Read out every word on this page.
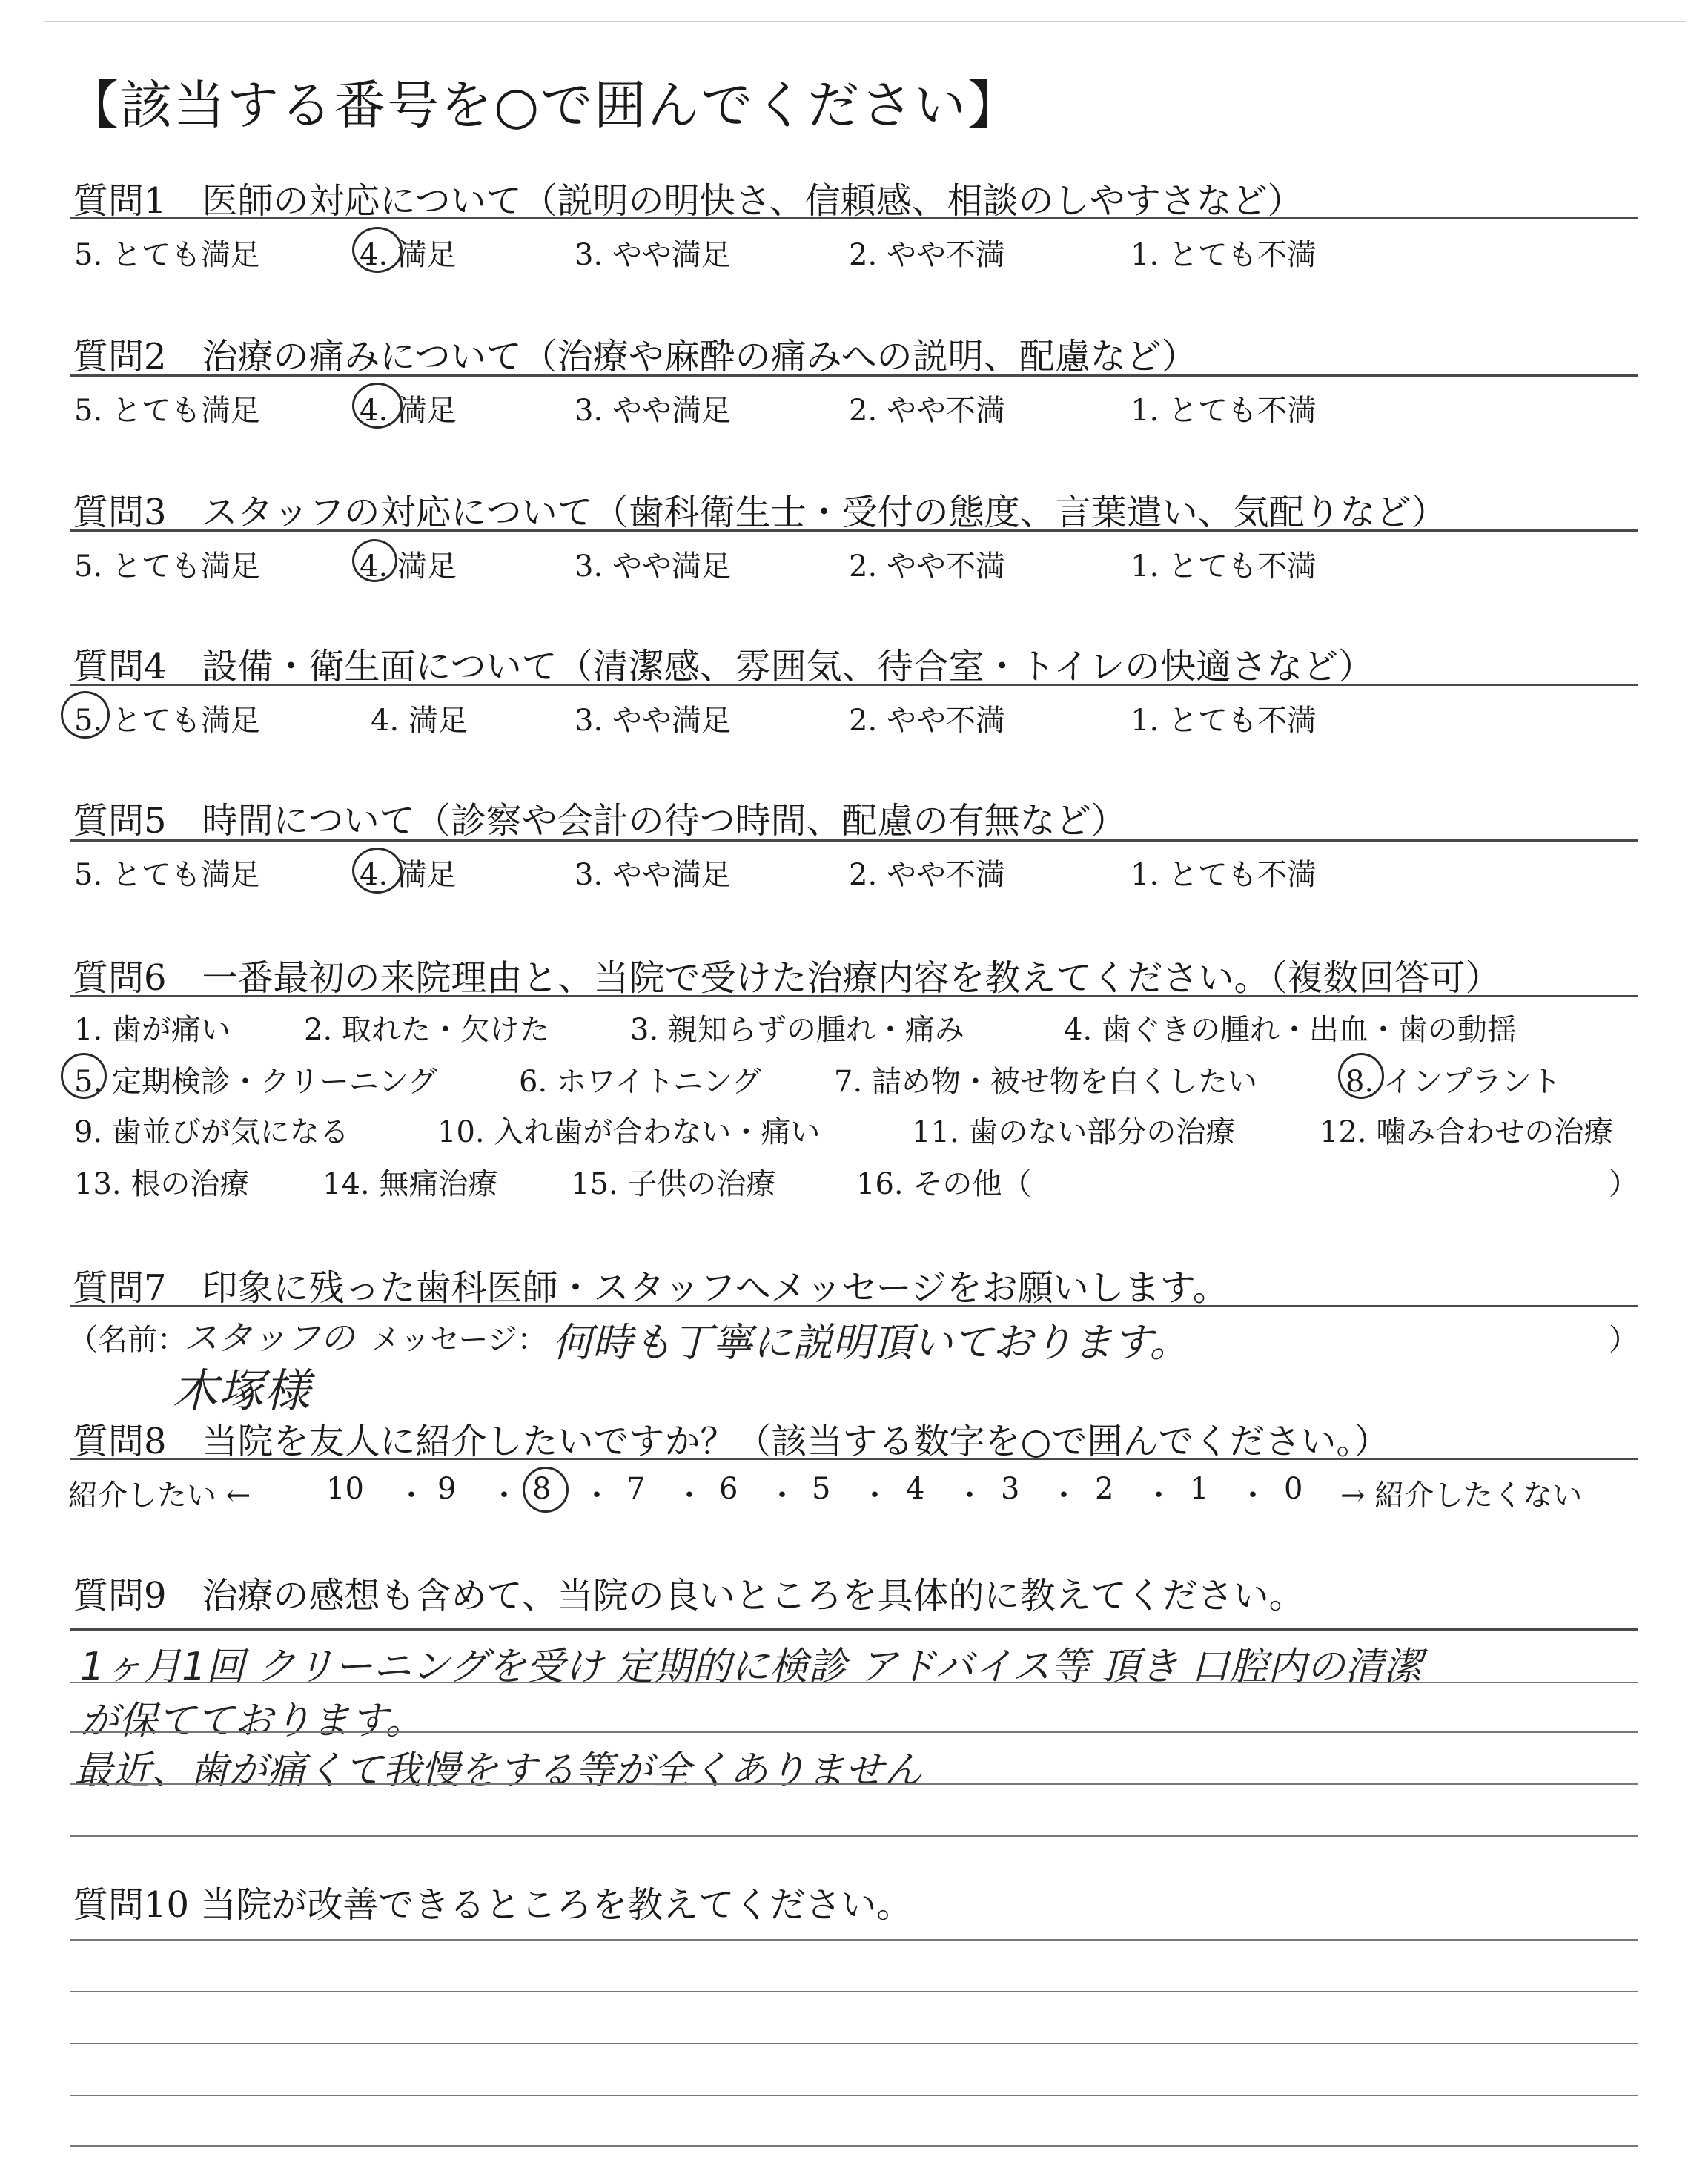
【該当する番号を○で囲んでください】
質問1　医師の対応について（説明の明快さ、信頼感、相談のしやすさなど）
5. とても満足	4. 満足	3. やや満足	2. やや不満	1. とても不満
質問2　治療の痛みについて（治療や麻酔の痛みへの説明、配慮など）
5. とても満足	4. 満足	3. やや満足	2. やや不満	1. とても不満
質問3　スタッフの対応について（歯科衛生士・受付の態度、言葉遣い、気配りなど）
5. とても満足	4. 満足	3. やや満足	2. やや不満	1. とても不満
質問4　設備・衛生面について（清潔感、雰囲気、待合室・トイレの快適さなど）
5. とても満足	4. 満足	3. やや満足	2. やや不満	1. とても不満
質問5　時間について（診察や会計の待つ時間、配慮の有無など）
5. とても満足	4. 満足	3. やや満足	2. やや不満	1. とても不満
質問6　一番最初の来院理由と、当院で受けた治療内容を教えてください。（複数回答可）
1. 歯が痛い 2. 取れた・欠けた	3. 親知らずの腫れ・痛み	4. 歯ぐきの腫れ・出血・歯の動揺
5. 定期検診・クリーニング	6. ホワイトニング 7. 詰め物・被せ物を白くしたい	8. インプラント
9. 歯並びが気になる	10. 入れ歯が合わない・痛い	11. 歯のない部分の治療	12. 噛み合わせの治療
13. 根の治療 14. 無痛治療 15. 子供の治療	16. その他（	）
質問7　印象に残った歯科医師・スタッフへメッセージをお願いします。
（名前：
スタッフの
木塚様
メッセージ： 何時も丁寧に説明頂いております。	）
質問8　当院を友人に紹介したいですか？（該当する数字を○で囲んでください。）
紹介したい ←	10 ・ 9 ・ 8 ・ 7 ・ 6 ・ 5 ・ 4 ・ 3 ・ 2 ・ 1 ・ 0 → 紹介したくない
質問9　治療の感想も含めて、当院の良いところを具体的に教えてください。
1ヶ月1回 クリーニングを受け 定期的に検診 アドバイス等 頂き 口腔内の清潔
が保てております。
最近、歯が痛くて我慢をする等が全くありません
質問10 当院が改善できるところを教えてください。
